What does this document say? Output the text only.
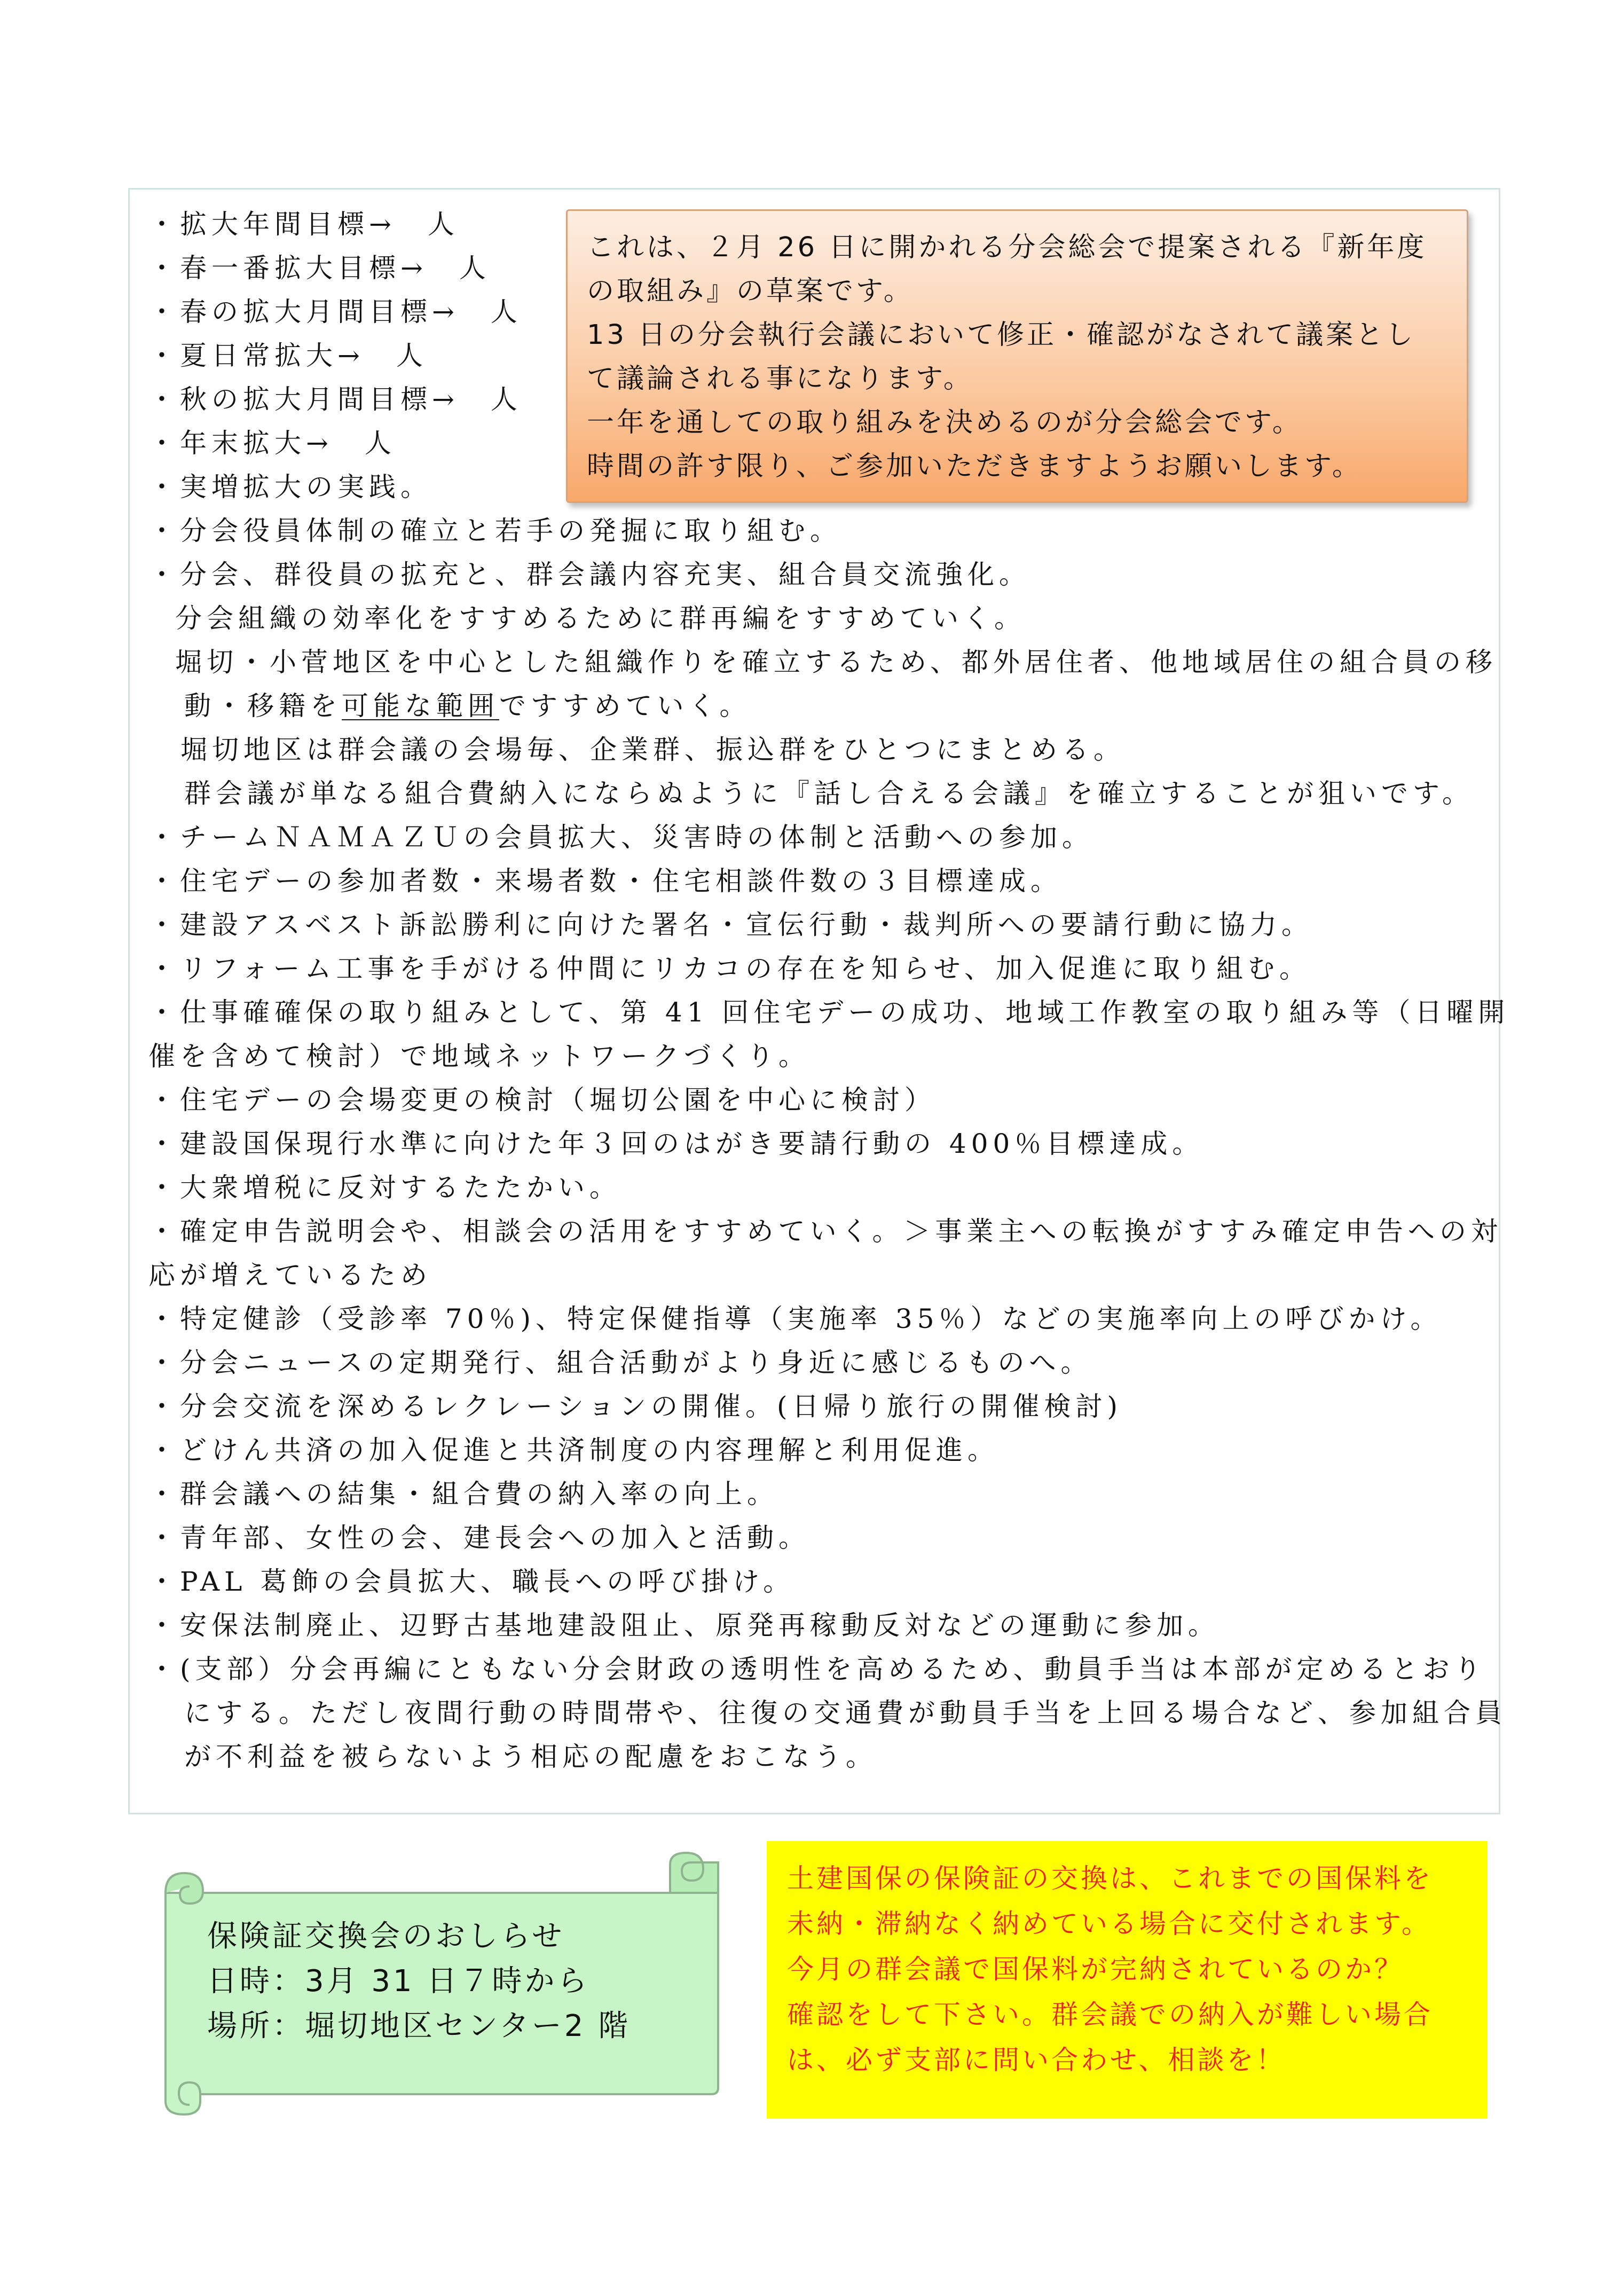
・拡大年間目標→　人

・春一番拡大目標→　人

・春の拡大月間目標→　人

・夏日常拡大→　人

・秋の拡大月間目標→　人

・年末拡大→　人

・実増拡大の実践。

・分会役員体制の確立と若手の発掘に取り組む。

・分会、群役員の拡充と、群会議内容充実、組合員交流強化。

分会組織の効率化をすすめるために群再編をすすめていく。

堀切・小菅地区を中心とした組織作りを確立するため、都外居住者、他地域居住の組合員の移

動・移籍を可能な範囲ですすめていく。

堀切地区は群会議の会場毎、企業群、振込群をひとつにまとめる。

群会議が単なる組合費納入にならぬように『話し合える会議』を確立することが狙いです。

・チームＮＡＭＡＺＵの会員拡大、災害時の体制と活動への参加。

・住宅デーの参加者数・来場者数・住宅相談件数の３目標達成。

・建設アスベスト訴訟勝利に向けた署名・宣伝行動・裁判所への要請行動に協力。

・リフォーム工事を手がける仲間にリカコの存在を知らせ、加入促進に取り組む。

・仕事確確保の取り組みとして、第 41 回住宅デーの成功、地域工作教室の取り組み等（日曜開

催を含めて検討）で地域ネットワークづくり。

・住宅デーの会場変更の検討（堀切公園を中心に検討）

・建設国保現行水準に向けた年３回のはがき要請行動の 400％目標達成。

・大衆増税に反対するたたかい。

・確定申告説明会や、相談会の活用をすすめていく。＞事業主への転換がすすみ確定申告への対

応が増えているため

・特定健診（受診率 70％)、特定保健指導（実施率 35％）などの実施率向上の呼びかけ。

・分会ニュースの定期発行、組合活動がより身近に感じるものへ。

・分会交流を深めるレクレーションの開催。(日帰り旅行の開催検討)

・どけん共済の加入促進と共済制度の内容理解と利用促進。

・群会議への結集・組合費の納入率の向上。

・青年部、女性の会、建長会への加入と活動。

・PAL 葛飾の会員拡大、職長への呼び掛け。

・安保法制廃止、辺野古基地建設阻止、原発再稼動反対などの運動に参加。

・(支部）分会再編にともない分会財政の透明性を高めるため、動員手当は本部が定めるとおり

にする。ただし夜間行動の時間帯や、往復の交通費が動員手当を上回る場合など、参加組合員

が不利益を被らないよう相応の配慮をおこなう。

これは、２月 26 日に開かれる分会総会で提案される『新年度
の取組み』の草案です。
13 日の分会執行会議において修正・確認がなされて議案とし
て議論される事になります。
一年を通しての取り組みを決めるのが分会総会です。
時間の許す限り、ご参加いただきますようお願いします。
保険証交換会のおしらせ
日時：3月 31 日７時から
場所：堀切地区センター2 階
土建国保の保険証の交換は、これまでの国保料を
未納・滞納なく納めている場合に交付されます。
今月の群会議で国保料が完納されているのか？
確認をして下さい。群会議での納入が難しい場合
は、必ず支部に問い合わせ、相談を！
